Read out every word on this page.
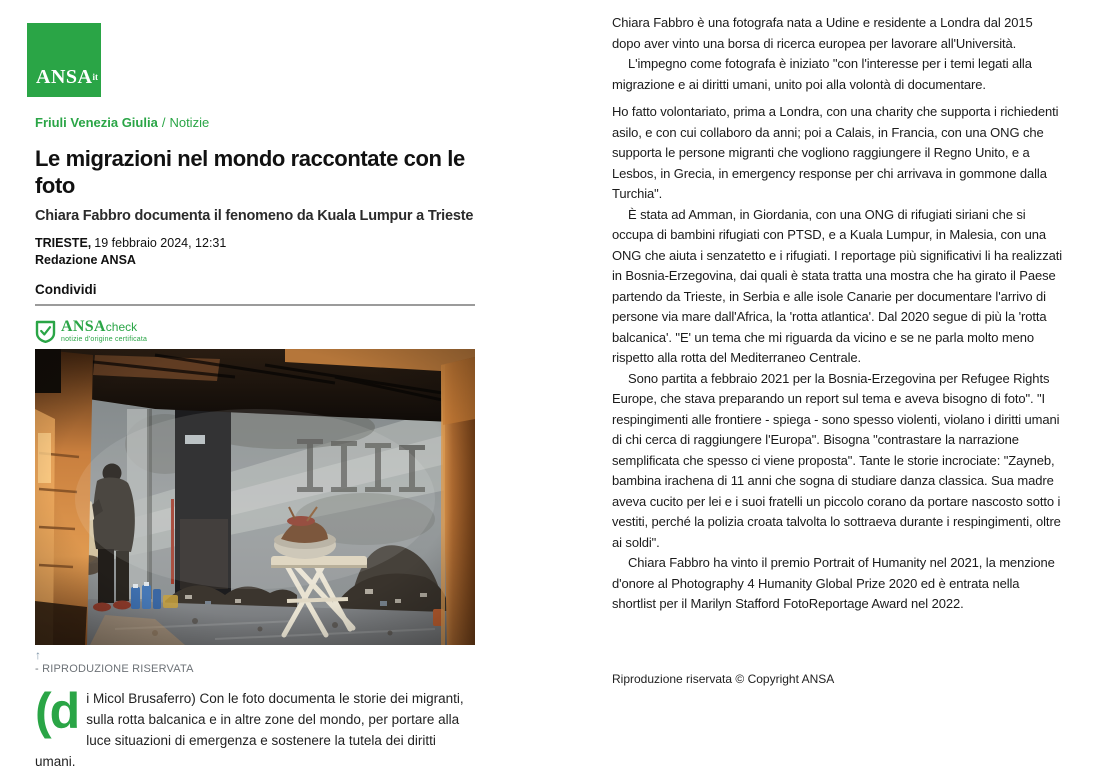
ANSAit
Friuli Venezia Giulia / Notizie
Le migrazioni nel mondo raccontate con le foto
Chiara Fabbro documenta il fenomeno da Kuala Lumpur a Trieste
TRIESTE, 19 febbraio 2024, 12:31
Redazione ANSA
Condividi
ANSAcheck
notizie d'origine certificata
↑
- RIPRODUZIONE RISERVATA
(di Micol Brusaferro) Con le foto documenta le storie dei migranti, sulla rotta balcanica e in altre zone del mondo, per portare alla luce situazioni di emergenza e sostenere la tutela dei diritti umani.

Chiara Fabbro è una fotografa nata a Udine e residente a Londra dal 2015 dopo aver vinto una borsa di ricerca europea per lavorare all'Università.

L'impegno come fotografa è iniziato "con l'interesse per i temi legati alla migrazione e ai diritti umani, unito poi alla volontà di documentare.

Ho fatto volontariato, prima a Londra, con una charity che supporta i richiedenti asilo, e con cui collaboro da anni; poi a Calais, in Francia, con una ONG che supporta le persone migranti che vogliono raggiungere il Regno Unito, e a Lesbos, in Grecia, in emergency response per chi arrivava in gommone dalla Turchia".

È stata ad Amman, in Giordania, con una ONG di rifugiati siriani che si occupa di bambini rifugiati con PTSD, e a Kuala Lumpur, in Malesia, con una ONG che aiuta i senzatetto e i rifugiati. I reportage più significativi li ha realizzati in Bosnia-Erzegovina, dai quali è stata tratta una mostra che ha girato il Paese partendo da Trieste, in Serbia e alle isole Canarie per documentare l'arrivo di persone via mare dall'Africa, la 'rotta atlantica'. Dal 2020 segue di più la 'rotta balcanica'. "E' un tema che mi riguarda da vicino e se ne parla molto meno rispetto alla rotta del Mediterraneo Centrale.

Sono partita a febbraio 2021 per la Bosnia-Erzegovina per Refugee Rights Europe, che stava preparando un report sul tema e aveva bisogno di foto". "I respingimenti alle frontiere - spiega - sono spesso violenti, violano i diritti umani di chi cerca di raggiungere l'Europa". Bisogna "contrastare la narrazione semplificata che spesso ci viene proposta". Tante le storie incrociate: "Zayneb, bambina irachena di 11 anni che sogna di studiare danza classica. Sua madre aveva cucito per lei e i suoi fratelli un piccolo corano da portare nascosto sotto i vestiti, perché la polizia croata talvolta lo sottraeva durante i respingimenti, oltre ai soldi".

Chiara Fabbro ha vinto il premio Portrait of Humanity nel 2021, la menzione d'onore al Photography 4 Humanity Global Prize 2020 ed è entrata nella shortlist per il Marilyn Stafford FotoReportage Award nel 2022.

Riproduzione riservata © Copyright ANSA
